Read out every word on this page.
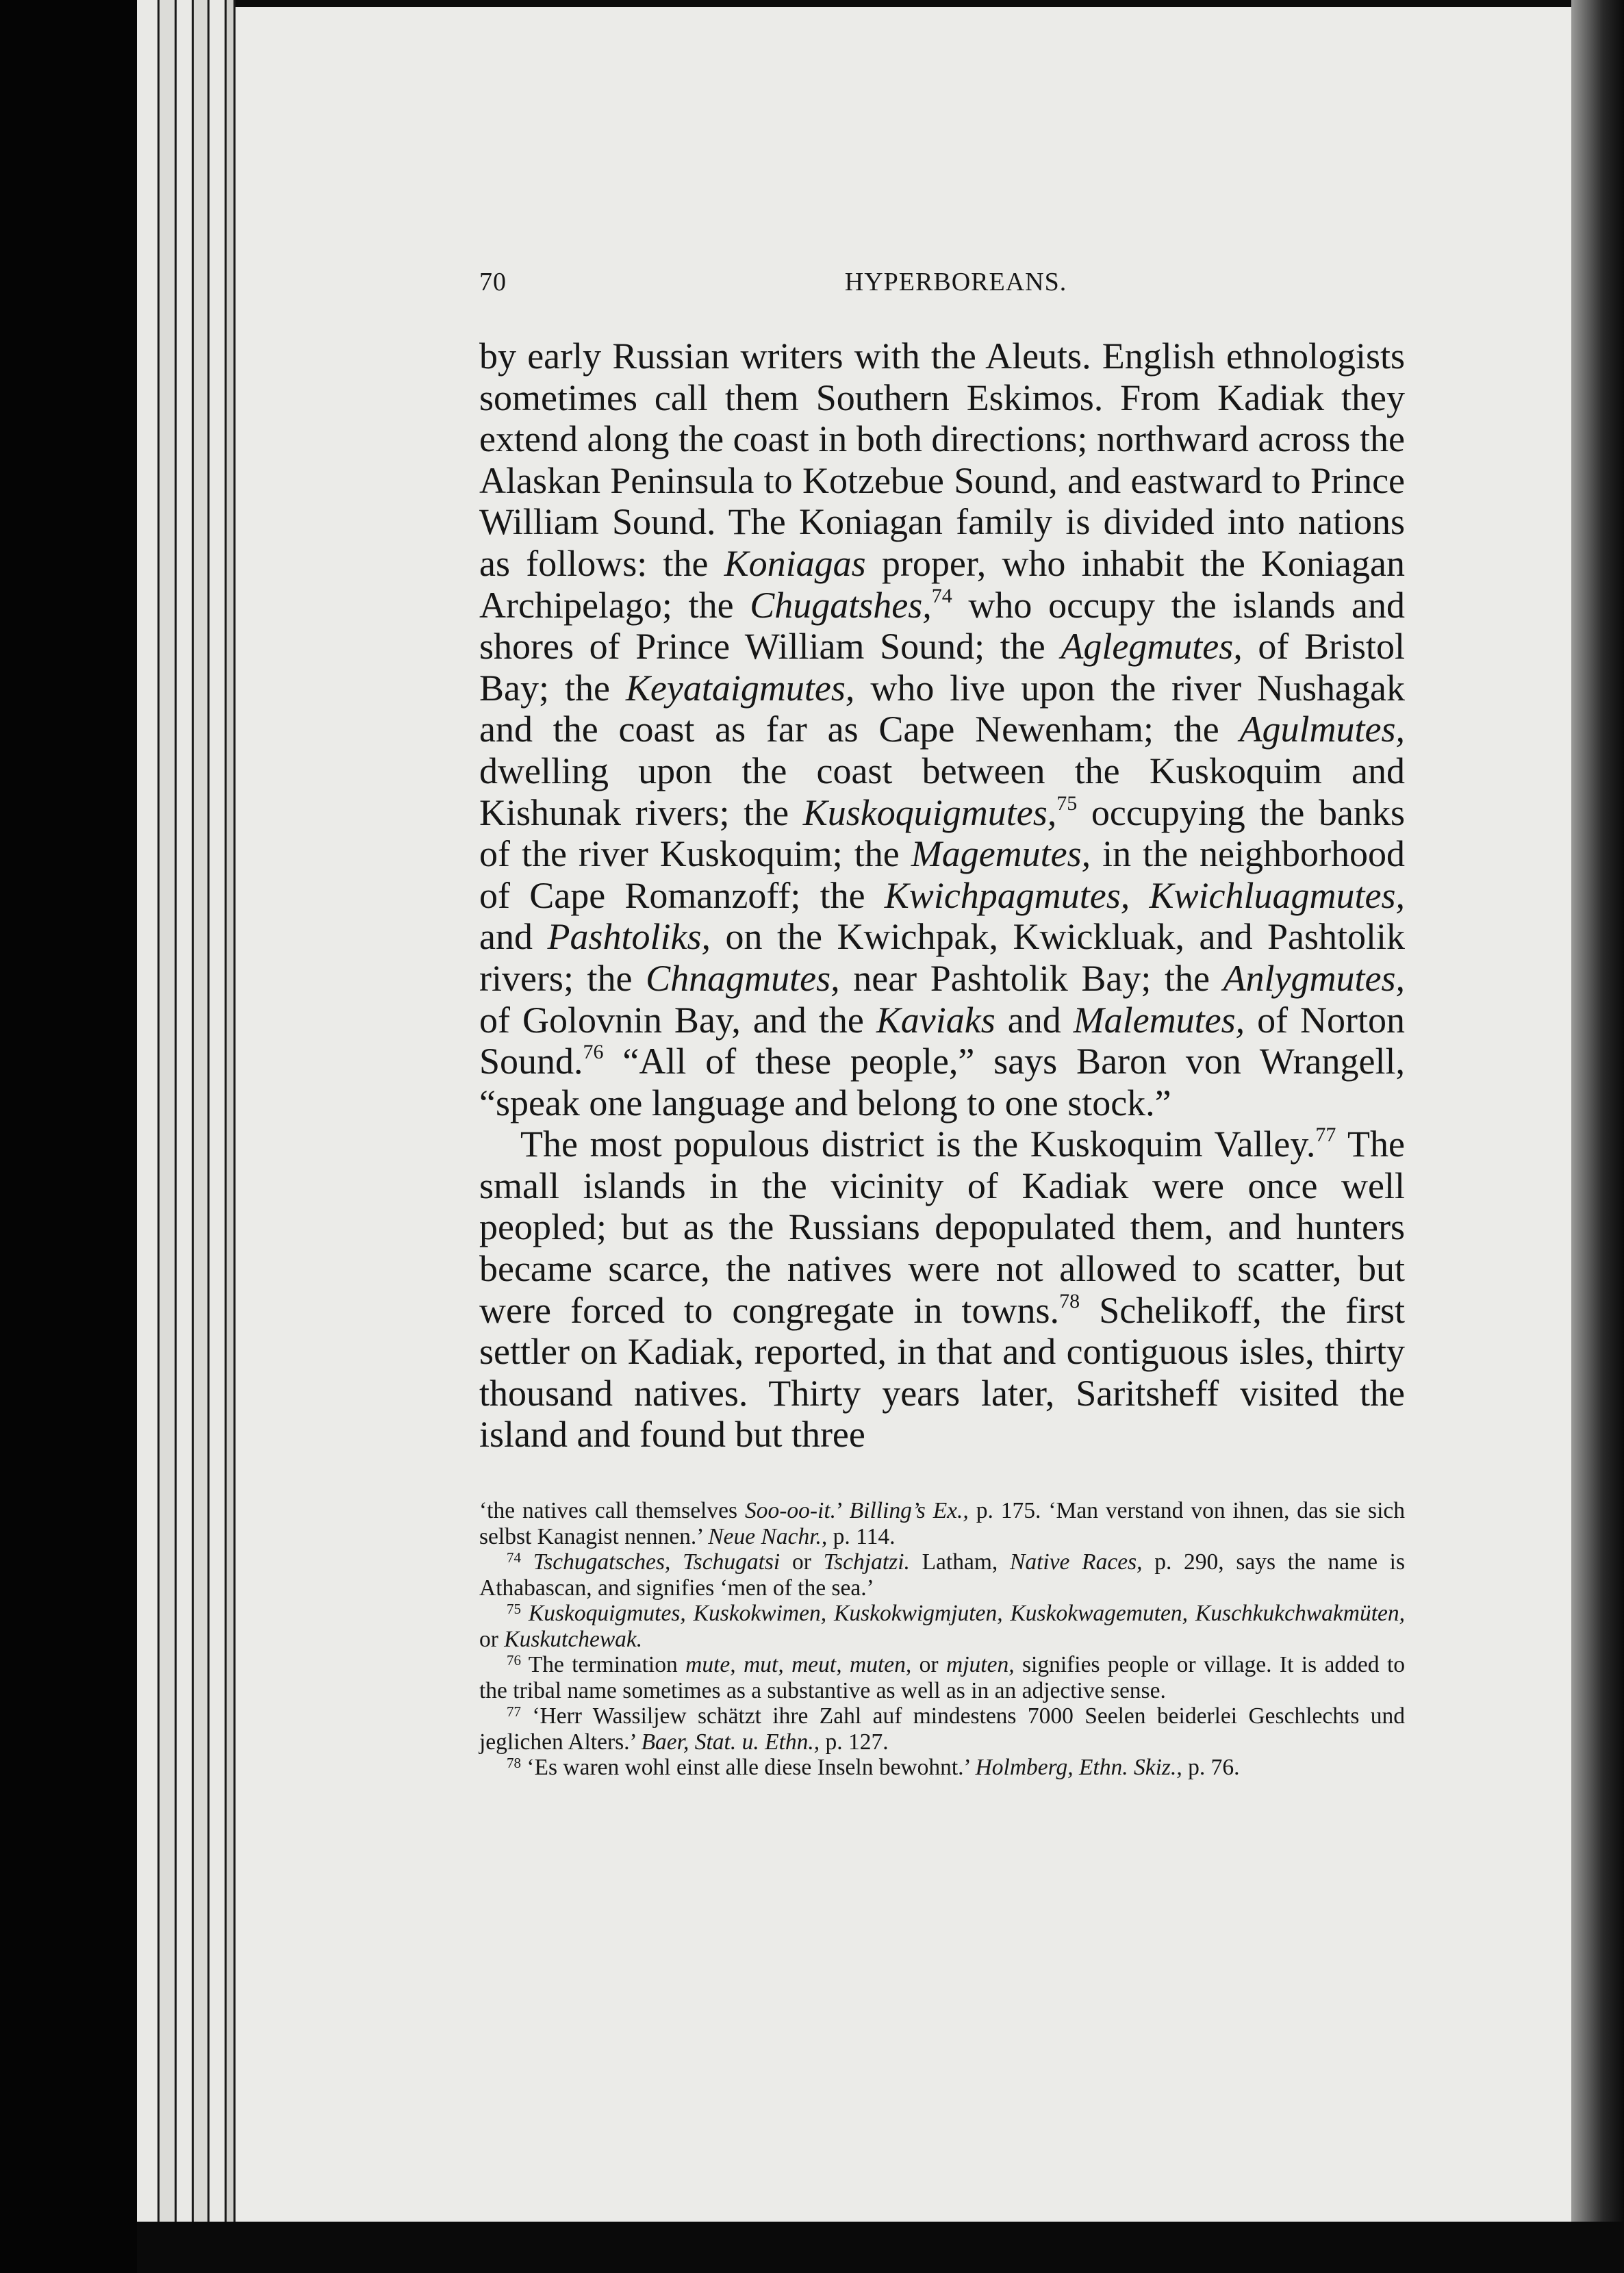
70	HYPERBOREANS.

by early Russian writers with the Aleuts. English ethnologists sometimes call them Southern Eskimos. From Kadiak they extend along the coast in both directions; northward across the Alaskan Peninsula to Kotzebue Sound, and eastward to Prince William Sound. The Koniagan family is divided into nations as follows: the Koniagas proper, who inhabit the Koniagan Archipelago; the Chugatshes,$^{74}$ who occupy the islands and shores of Prince William Sound; the Aglegmutes, of Bristol Bay; the Keyataigmutes, who live upon the river Nushagak and the coast as far as Cape Newenham; the Agulmutes, dwelling upon the coast between the Kuskoquim and Kishunak rivers; the Kuskoquigmutes,$^{75}$ occupying the banks of the river Kuskoquim; the Magemutes, in the neighborhood of Cape Romanzoff; the Kwichpagmutes, Kwichluagmutes, and Pashtoliks, on the Kwichpak, Kwickluak, and Pashtolik rivers; the Chnagmutes, near Pashtolik Bay; the Anlygmutes, of Golovnin Bay, and the Kaviaks and Malemutes, of Norton Sound.$^{76}$ “All of these people,” says Baron von Wrangell, “speak one language and belong to one stock.”

The most populous district is the Kuskoquim Valley.$^{77}$ The small islands in the vicinity of Kadiak were once well peopled; but as the Russians depopulated them, and hunters became scarce, the natives were not allowed to scatter, but were forced to congregate in towns.$^{78}$ Schelikoff, the first settler on Kadiak, reported, in that and contiguous isles, thirty thousand natives. Thirty years later, Saritsheff visited the island and found but three

‘the natives call themselves Soo-oo-it.’ Billing’s Ex., p. 175. ‘Man verstand von ihnen, das sie sich selbst Kanagist nennen.’ Neue Nachr., p. 114.

$^{74}$ Tschugatsches, Tschugatsi or Tschjatzi. Latham, Native Races, p. 290, says the name is Athabascan, and signifies ‘men of the sea.’

$^{75}$ Kuskoquigmutes, Kuskokwimen, Kuskokwigmjuten, Kuskokwagemuten, Kuschkukchwakmüten, or Kuskutchewak.

$^{76}$ The termination mute, mut, meut, muten, or mjuten, signifies people or village. It is added to the tribal name sometimes as a substantive as well as in an adjective sense.

$^{77}$ ‘Herr Wassiljew schätzt ihre Zahl auf mindestens 7000 Seelen beiderlei Geschlechts und jeglichen Alters.’ Baer, Stat. u. Ethn., p. 127.

$^{78}$ ‘Es waren wohl einst alle diese Inseln bewohnt.’ Holmberg, Ethn. Skiz., p. 76.
